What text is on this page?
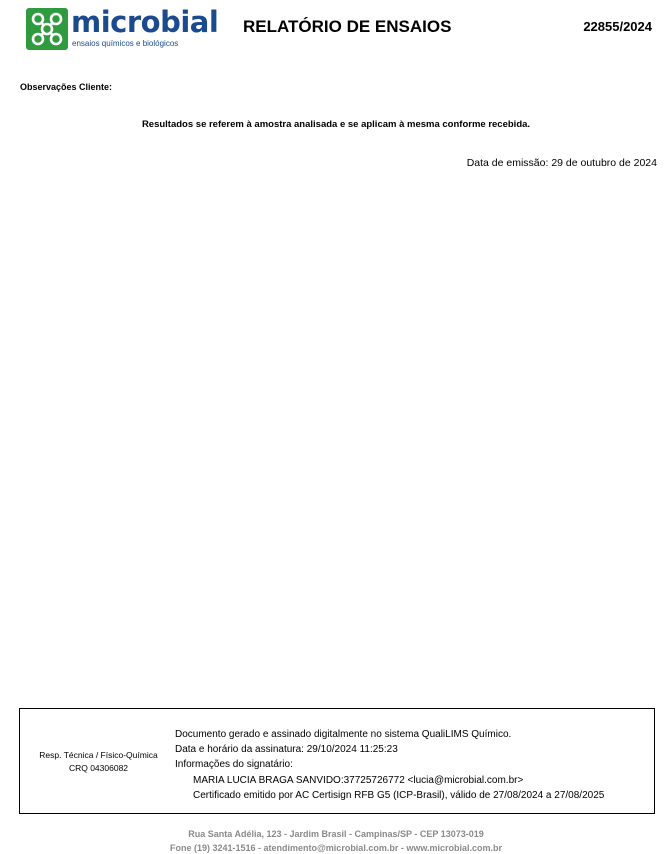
microbial
ensaios químicos e biológicos
RELATÓRIO DE ENSAIOS	22855/2024
Observações Cliente:
Resultados se referem à amostra analisada e se aplicam à mesma conforme recebida.
Data de emissão: 29 de outubro de 2024
Resp. Técnica / Físico-Química
CRQ 04306082
Documento gerado e assinado digitalmente no sistema QualiLIMS Químico.
Data e horário da assinatura: 29/10/2024 11:25:23
Informações do signatário:
MARIA LUCIA BRAGA SANVIDO:37725726772 <lucia@microbial.com.br>
Certificado emitido por AC Certisign RFB G5 (ICP-Brasil), válido de 27/08/2024 a 27/08/2025
Rua Santa Adélia, 123 - Jardim Brasil - Campinas/SP - CEP 13073-019
Fone (19) 3241-1516 - atendimento@microbial.com.br - www.microbial.com.br
